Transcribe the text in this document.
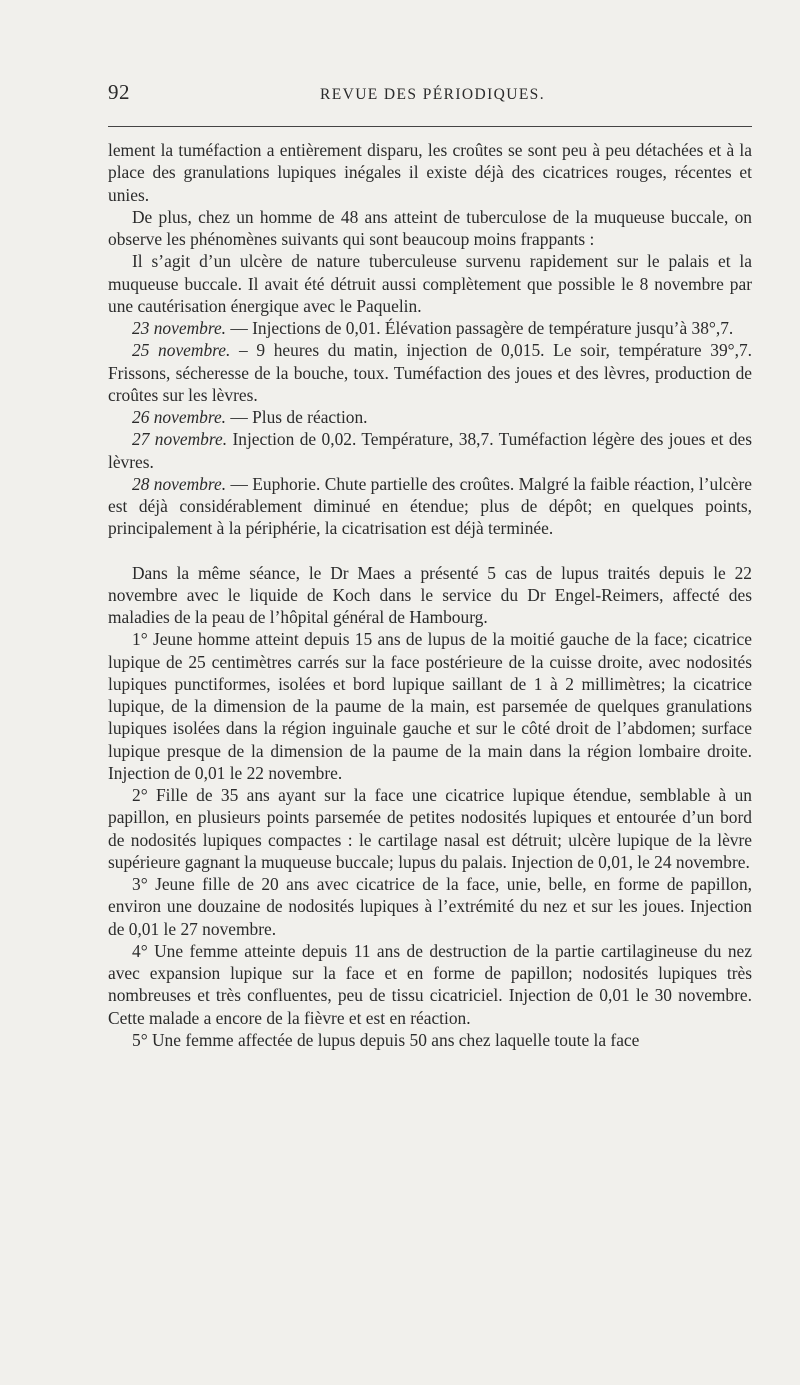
92	REVUE DES PÉRIODIQUES.

lement la tuméfaction a entièrement disparu, les croûtes se sont peu à peu détachées et à la place des granulations lupiques inégales il existe déjà des cicatrices rouges, récentes et unies.

De plus, chez un homme de 48 ans atteint de tuberculose de la muqueuse buccale, on observe les phénomènes suivants qui sont beaucoup moins frappants :

Il s’agit d’un ulcère de nature tuberculeuse survenu rapidement sur le palais et la muqueuse buccale. Il avait été détruit aussi complètement que possible le 8 novembre par une cautérisation énergique avec le Paquelin.

23 novembre. — Injections de 0,01. Élévation passagère de température jusqu’à 38°,7.

25 novembre. – 9 heures du matin, injection de 0,015. Le soir, température 39°,7. Frissons, sécheresse de la bouche, toux. Tuméfaction des joues et des lèvres, production de croûtes sur les lèvres.

26 novembre. — Plus de réaction.

27 novembre. Injection de 0,02. Température, 38,7. Tuméfaction légère des joues et des lèvres.

28 novembre. — Euphorie. Chute partielle des croûtes. Malgré la faible réaction, l’ulcère est déjà considérablement diminué en étendue; plus de dépôt; en quelques points, principalement à la périphérie, la cicatrisation est déjà terminée.

Dans la même séance, le Dr Maes a présenté 5 cas de lupus traités depuis le 22 novembre avec le liquide de Koch dans le service du Dr Engel-Reimers, affecté des maladies de la peau de l’hôpital général de Hambourg.

1° Jeune homme atteint depuis 15 ans de lupus de la moitié gauche de la face; cicatrice lupique de 25 centimètres carrés sur la face postérieure de la cuisse droite, avec nodosités lupiques punctiformes, isolées et bord lupique saillant de 1 à 2 millimètres; la cicatrice lupique, de la dimension de la paume de la main, est parsemée de quelques granulations lupiques isolées dans la région inguinale gauche et sur le côté droit de l’abdomen; surface lupique presque de la dimension de la paume de la main dans la région lombaire droite. Injection de 0,01 le 22 novembre.

2° Fille de 35 ans ayant sur la face une cicatrice lupique étendue, semblable à un papillon, en plusieurs points parsemée de petites nodosités lupiques et entourée d’un bord de nodosités lupiques compactes : le cartilage nasal est détruit; ulcère lupique de la lèvre supérieure gagnant la muqueuse buccale; lupus du palais. Injection de 0,01, le 24 novembre.

3° Jeune fille de 20 ans avec cicatrice de la face, unie, belle, en forme de papillon, environ une douzaine de nodosités lupiques à l’extrémité du nez et sur les joues. Injection de 0,01 le 27 novembre.

4° Une femme atteinte depuis 11 ans de destruction de la partie cartilagineuse du nez avec expansion lupique sur la face et en forme de papillon; nodosités lupiques très nombreuses et très confluentes, peu de tissu cicatriciel. Injection de 0,01 le 30 novembre. Cette malade a encore de la fièvre et est en réaction.

5° Une femme affectée de lupus depuis 50 ans chez laquelle toute la face
